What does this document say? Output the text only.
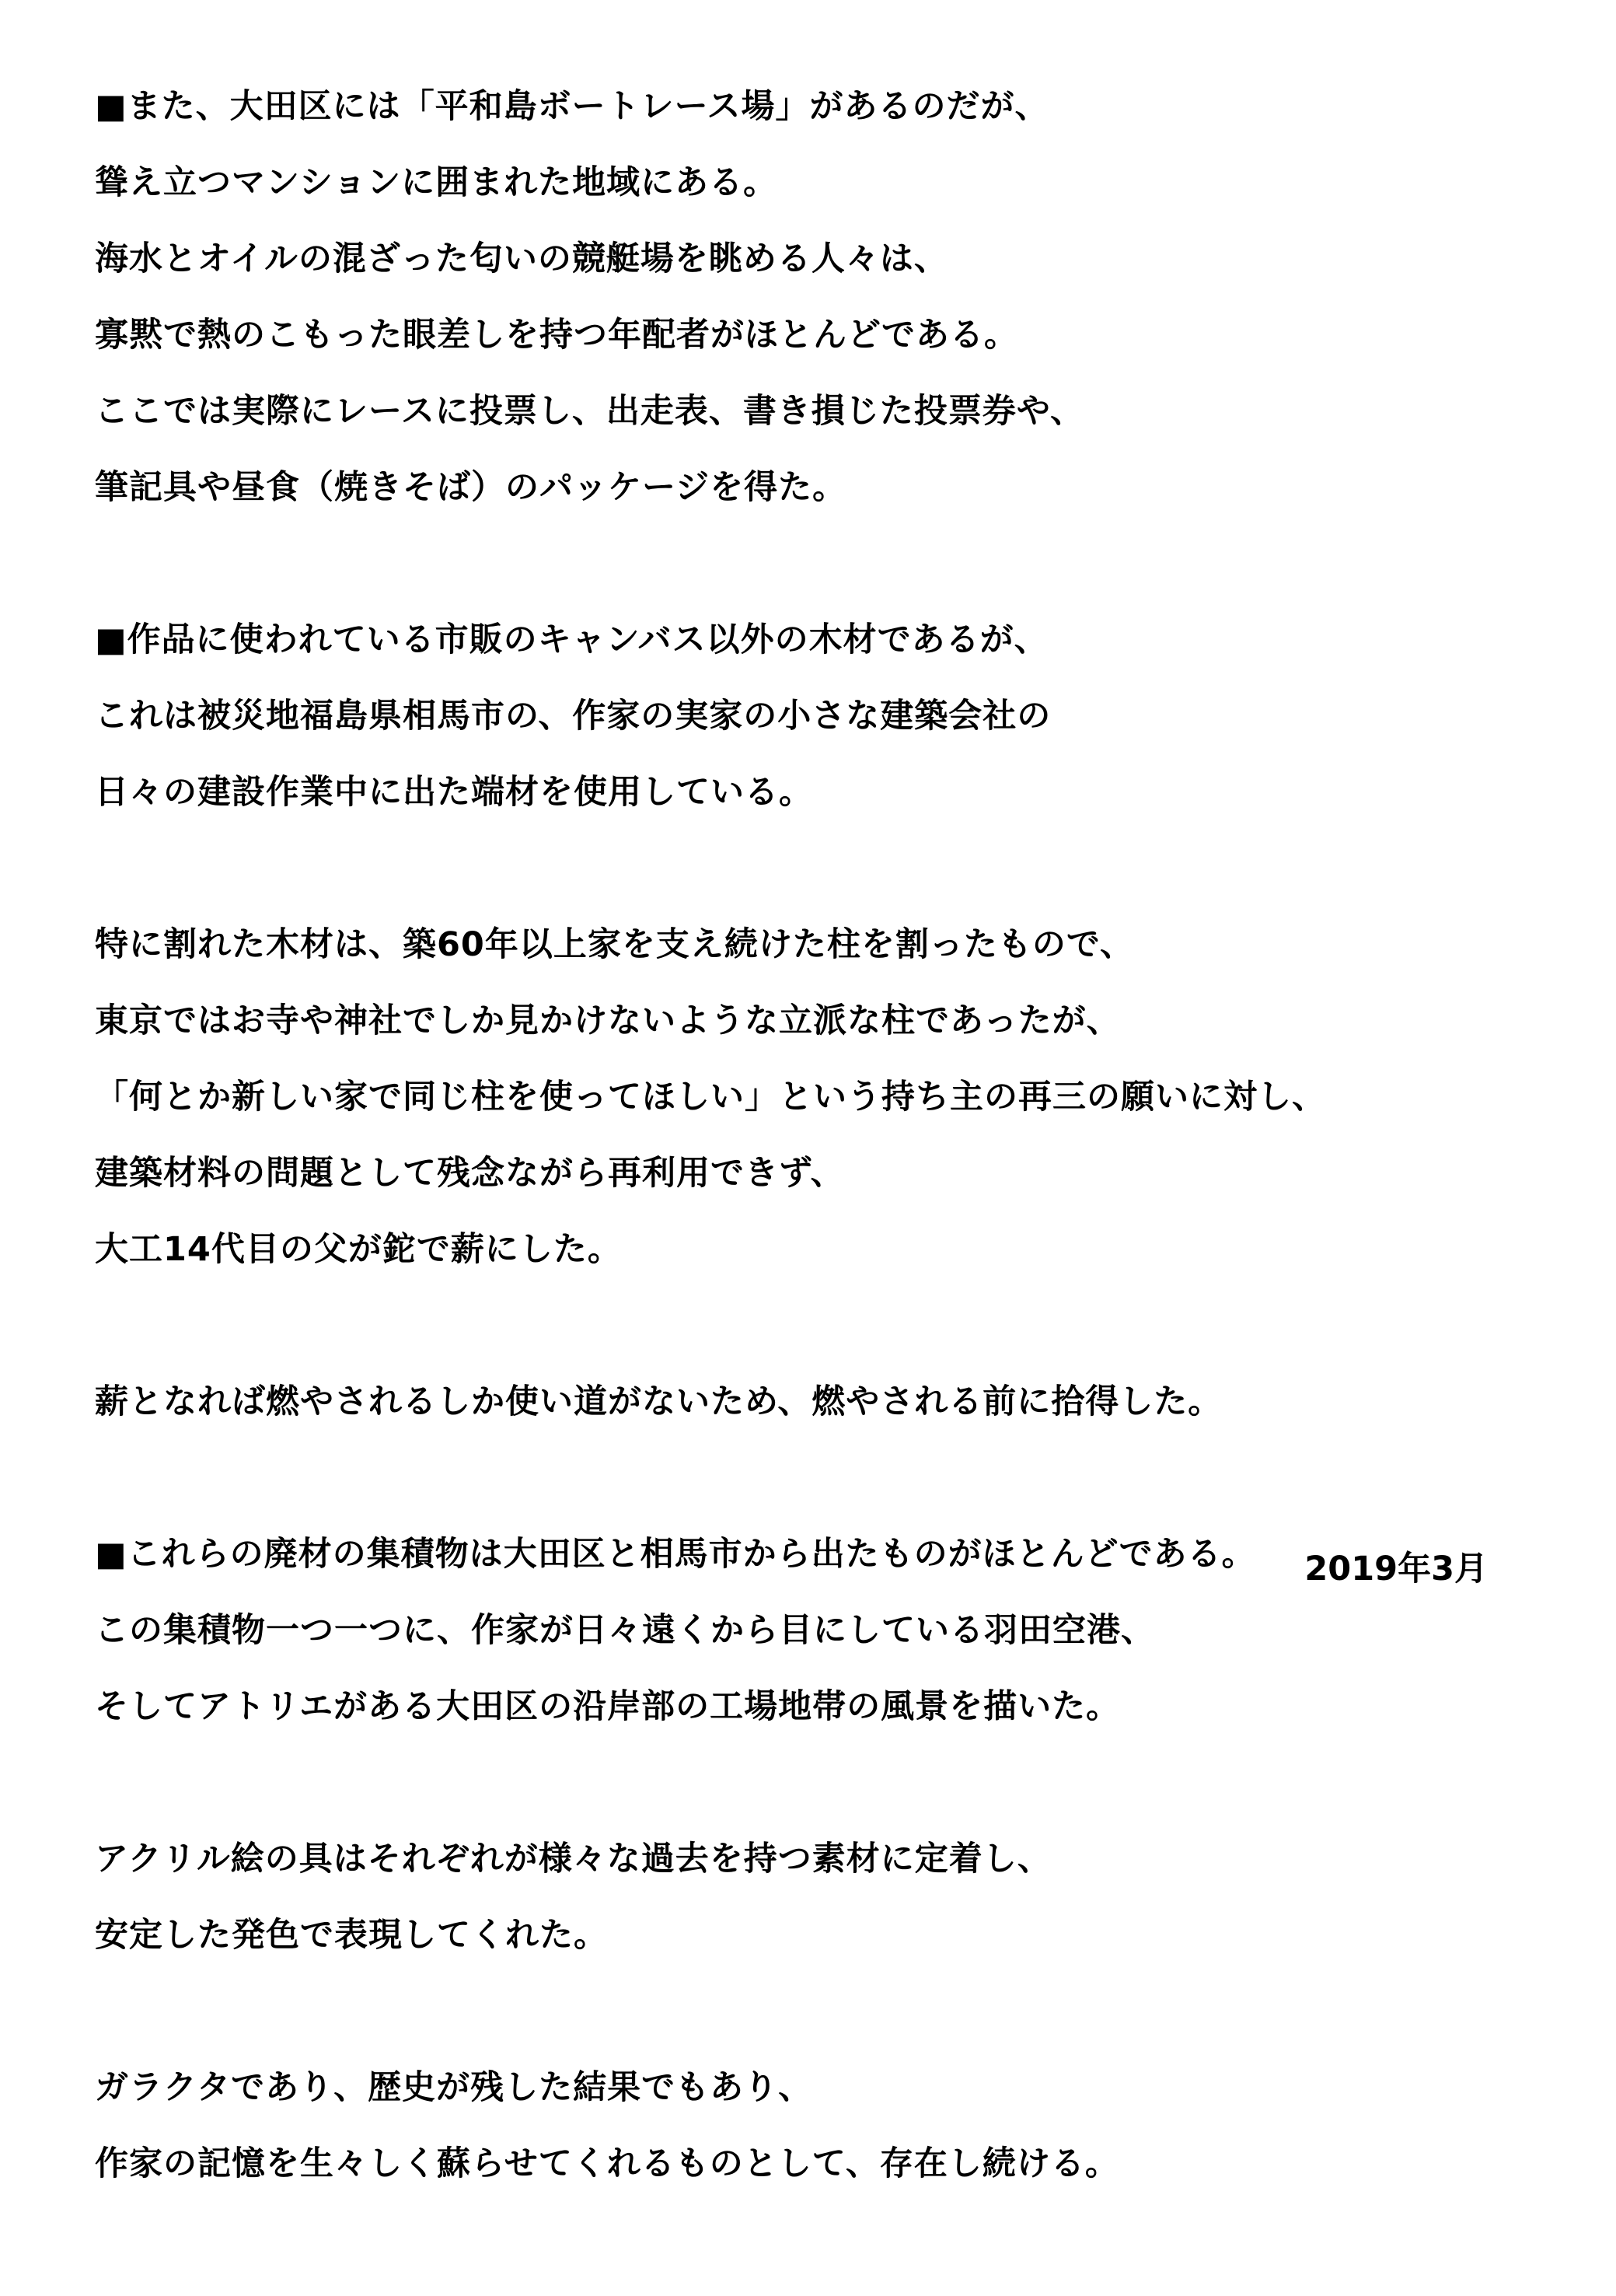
■また、大田区には「平和島ボートレース場」があるのだが、
聳え立つマンションに囲まれた地域にある。
海水とオイルの混ざった匂いの競艇場を眺める人々は、
寡黙で熱のこもった眼差しを持つ年配者がほとんどである。
ここでは実際にレースに投票し、出走表、書き損じた投票券や、
筆記具や昼食（焼きそば）のパッケージを得た。
■作品に使われている市販のキャンバス以外の木材であるが、
これは被災地福島県相馬市の、作家の実家の小さな建築会社の
日々の建設作業中に出た端材を使用している。
特に割れた木材は、築60年以上家を支え続けた柱を割ったもので、
東京ではお寺や神社でしか見かけないような立派な柱であったが、
「何とか新しい家で同じ柱を使ってほしい」という持ち主の再三の願いに対し、
建築材料の問題として残念ながら再利用できず、
大工14代目の父が鉈で薪にした。
薪となれば燃やされるしか使い道がないため、燃やされる前に拾得した。
■これらの廃材の集積物は大田区と相馬市から出たものがほとんどである。
この集積物一つ一つに、作家が日々遠くから目にしている羽田空港、
そしてアトリエがある大田区の沿岸部の工場地帯の風景を描いた。
アクリル絵の具はそれぞれが様々な過去を持つ素材に定着し、
安定した発色で表現してくれた。
ガラクタであり、歴史が残した結果でもあり、
作家の記憶を生々しく蘇らせてくれるものとして、存在し続ける。
2019年3月
